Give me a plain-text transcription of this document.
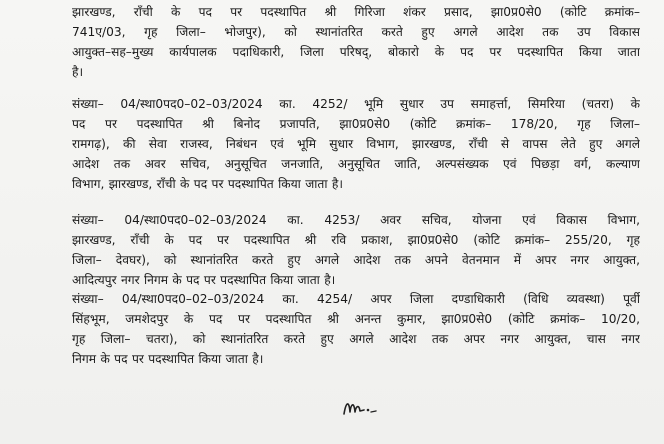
झारखण्ड, राँची के पद पर पदस्थापित श्री गिरिजा शंकर प्रसाद, झा0प्र0से0 (कोटि क्रमांक–
741ए/03, गृह जिला– भोजपुर), को स्थानांतरित करते हुए अगले आदेश तक उप विकास
आयुक्त–सह–मुख्य कार्यपालक पदाधिकारी, जिला परिषद्, बोकारो के पद पर पदस्थापित किया जाता
है।
संख्या– 04/स्था0पद0–02–03/2024 का. 4252/ भूमि सुधार उप समाहर्त्ता, सिमरिया (चतरा) के
पद पर पदस्थापित श्री बिनोद प्रजापति, झा0प्र0से0 (कोटि क्रमांक– 178/20, गृह जिला–
रामगढ़), की सेवा राजस्व, निबंधन एवं भूमि सुधार विभाग, झारखण्ड, राँची से वापस लेते हुए अगले
आदेश तक अवर सचिव, अनुसूचित जनजाति, अनुसूचित जाति, अल्पसंख्यक एवं पिछड़ा वर्ग, कल्याण
विभाग, झारखण्ड, राँची के पद पर पदस्थापित किया जाता है।
संख्या– 04/स्था0पद0–02–03/2024 का. 4253/ अवर सचिव, योजना एवं विकास विभाग,
झारखण्ड, राँची के पद पर पदस्थापित श्री रवि प्रकाश, झा0प्र0से0 (कोटि क्रमांक– 255/20, गृह
जिला– देवघर), को स्थानांतरित करते हुए अगले आदेश तक अपने वेतनमान में अपर नगर आयुक्त,
आदित्यपुर नगर निगम के पद पर पदस्थापित किया जाता है।
संख्या– 04/स्था0पद0–02–03/2024 का. 4254/ अपर जिला दण्डाधिकारी (विधि व्यवस्था) पूर्वी
सिंहभूम, जमशेदपुर के पद पर पदस्थापित श्री अनन्त कुमार, झा0प्र0से0 (कोटि क्रमांक– 10/20,
गृह जिला– चतरा), को स्थानांतरित करते हुए अगले आदेश तक अपर नगर आयुक्त, चास नगर
निगम के पद पर पदस्थापित किया जाता है।
